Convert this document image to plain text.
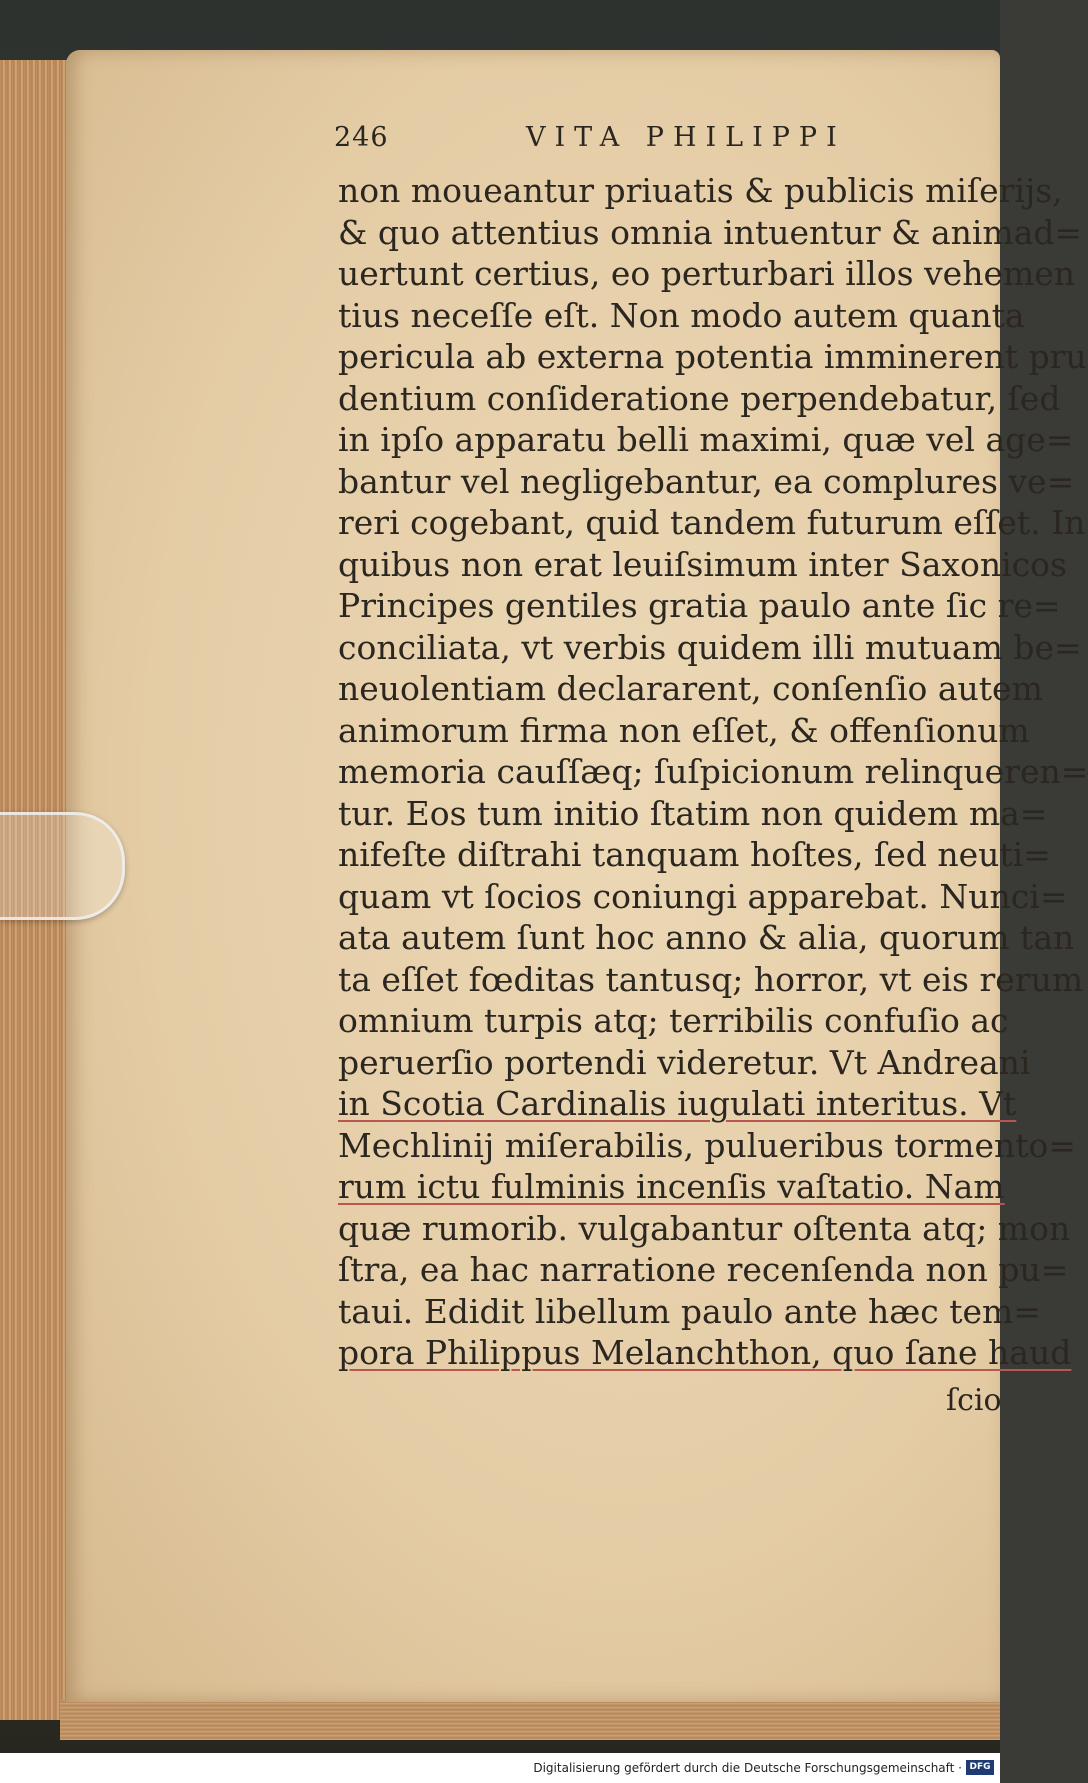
246	VITA PHILIPPI
non moueantur priuatis & publicis miſerijs,
& quo attentius omnia intuentur & animad=
uertunt certius, eo perturbari illos vehemen
tius neceſſe eſt. Non modo autem quanta
pericula ab externa potentia imminerent pru
dentium conſideratione perpendebatur, ſed
in ipſo apparatu belli maximi, quæ vel age=
bantur vel negligebantur, ea complures ve=
reri cogebant, quid tandem futurum eſſet. In
quibus non erat leuiſsimum inter Saxonicos
Principes gentiles gratia paulo ante ſic re=
conciliata, vt verbis quidem illi mutuam be=
neuolentiam declararent, conſenſio autem
animorum firma non eſſet, & offenſionum
memoria cauſſæq; ſuſpicionum relinqueren=
tur. Eos tum initio ſtatim non quidem ma=
nifeſte diſtrahi tanquam hoſtes, ſed neuti=
quam vt ſocios coniungi apparebat. Nunci=
ata autem ſunt hoc anno & alia, quorum tan
ta eſſet fœditas tantusq; horror, vt eis rerum
omnium turpis atq; terribilis confuſio ac
peruerſio portendi videretur. Vt Andreani
in Scotia Cardinalis iugulati interitus. Vt
Mechlinij miſerabilis, pulueribus tormento=
rum ictu fulminis incenſis vaſtatio. Nam
quæ rumorib. vulgabantur oſtenta atq; mon
ſtra, ea hac narratione recenſenda non pu=
taui. Edidit libellum paulo ante hæc tem=
pora Philippus Melanchthon, quo ſane haud
ſcio
Digitalisierung gefördert durch die Deutsche Forschungsgemeinschaft · DFG
